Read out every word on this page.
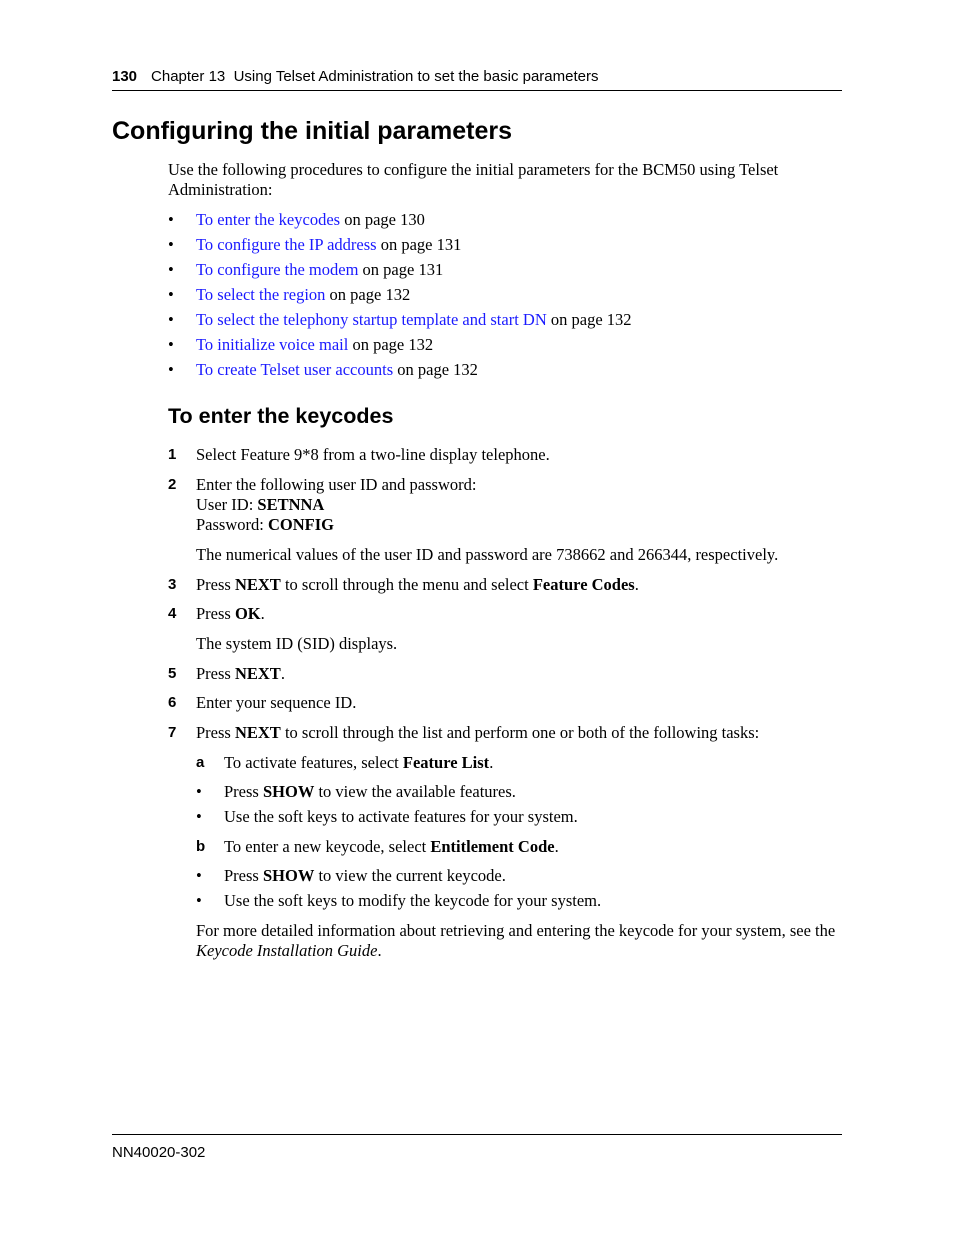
130 Chapter 13  Using Telset Administration to set the basic parameters
Configuring the initial parameters

Use the following procedures to configure the initial parameters for the BCM50 using Telset Administration:

• To enter the keycodes on page 130
• To configure the IP address on page 131
• To configure the modem on page 131
• To select the region on page 132
• To select the telephony startup template and start DN on page 132
• To initialize voice mail on page 132
• To create Telset user accounts on page 132
To enter the keycodes
1 Select Feature 9*8 from a two-line display telephone.
2 Enter the following user ID and password:
User ID: SETNNA
Password: CONFIG

The numerical values of the user ID and password are 738662 and 266344, respectively.

3 Press NEXT to scroll through the menu and select Feature Codes.
4 Press OK.

The system ID (SID) displays.

5 Press NEXT.
6 Enter your sequence ID.
7 Press NEXT to scroll through the list and perform one or both of the following tasks:
a To activate features, select Feature List.
• Press SHOW to view the available features.
• Use the soft keys to activate features for your system.
b To enter a new keycode, select Entitlement Code.
• Press SHOW to view the current keycode.
• Use the soft keys to modify the keycode for your system.

For more detailed information about retrieving and entering the keycode for your system, see the Keycode Installation Guide.

NN40020-302
